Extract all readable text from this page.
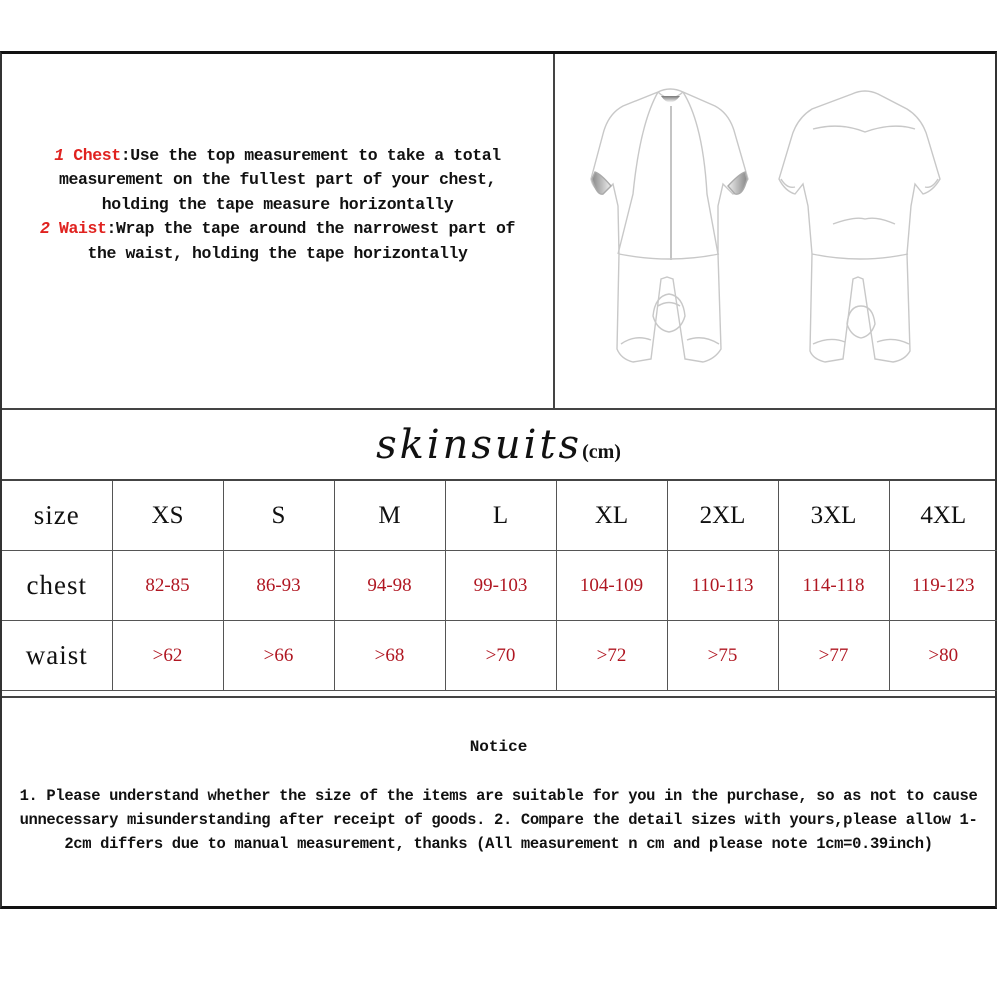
1 Chest:Use the top measurement to take a total
measurement on the fullest part of your chest,
holding the tape measure horizontally
2 Waist:Wrap the tape around the narrowest part of
the waist, holding the tape horizontally
skinsuits(cm)
size	XS	S	M	L	XL	2XL	3XL	4XL
chest	82-85	86-93	94-98	99-103	104-109	110-113	114-118	119-123
waist	>62	>66	>68	>70	>72	>75	>77	>80
Notice
1. Please understand whether the size of the items are suitable for you in the purchase, so as not to cause unnecessary misunderstanding after receipt of goods. 2. Compare the detail sizes with yours,please allow 1-2cm differs due to manual measurement, thanks (All measurement n cm and please note 1cm=0.39inch)
